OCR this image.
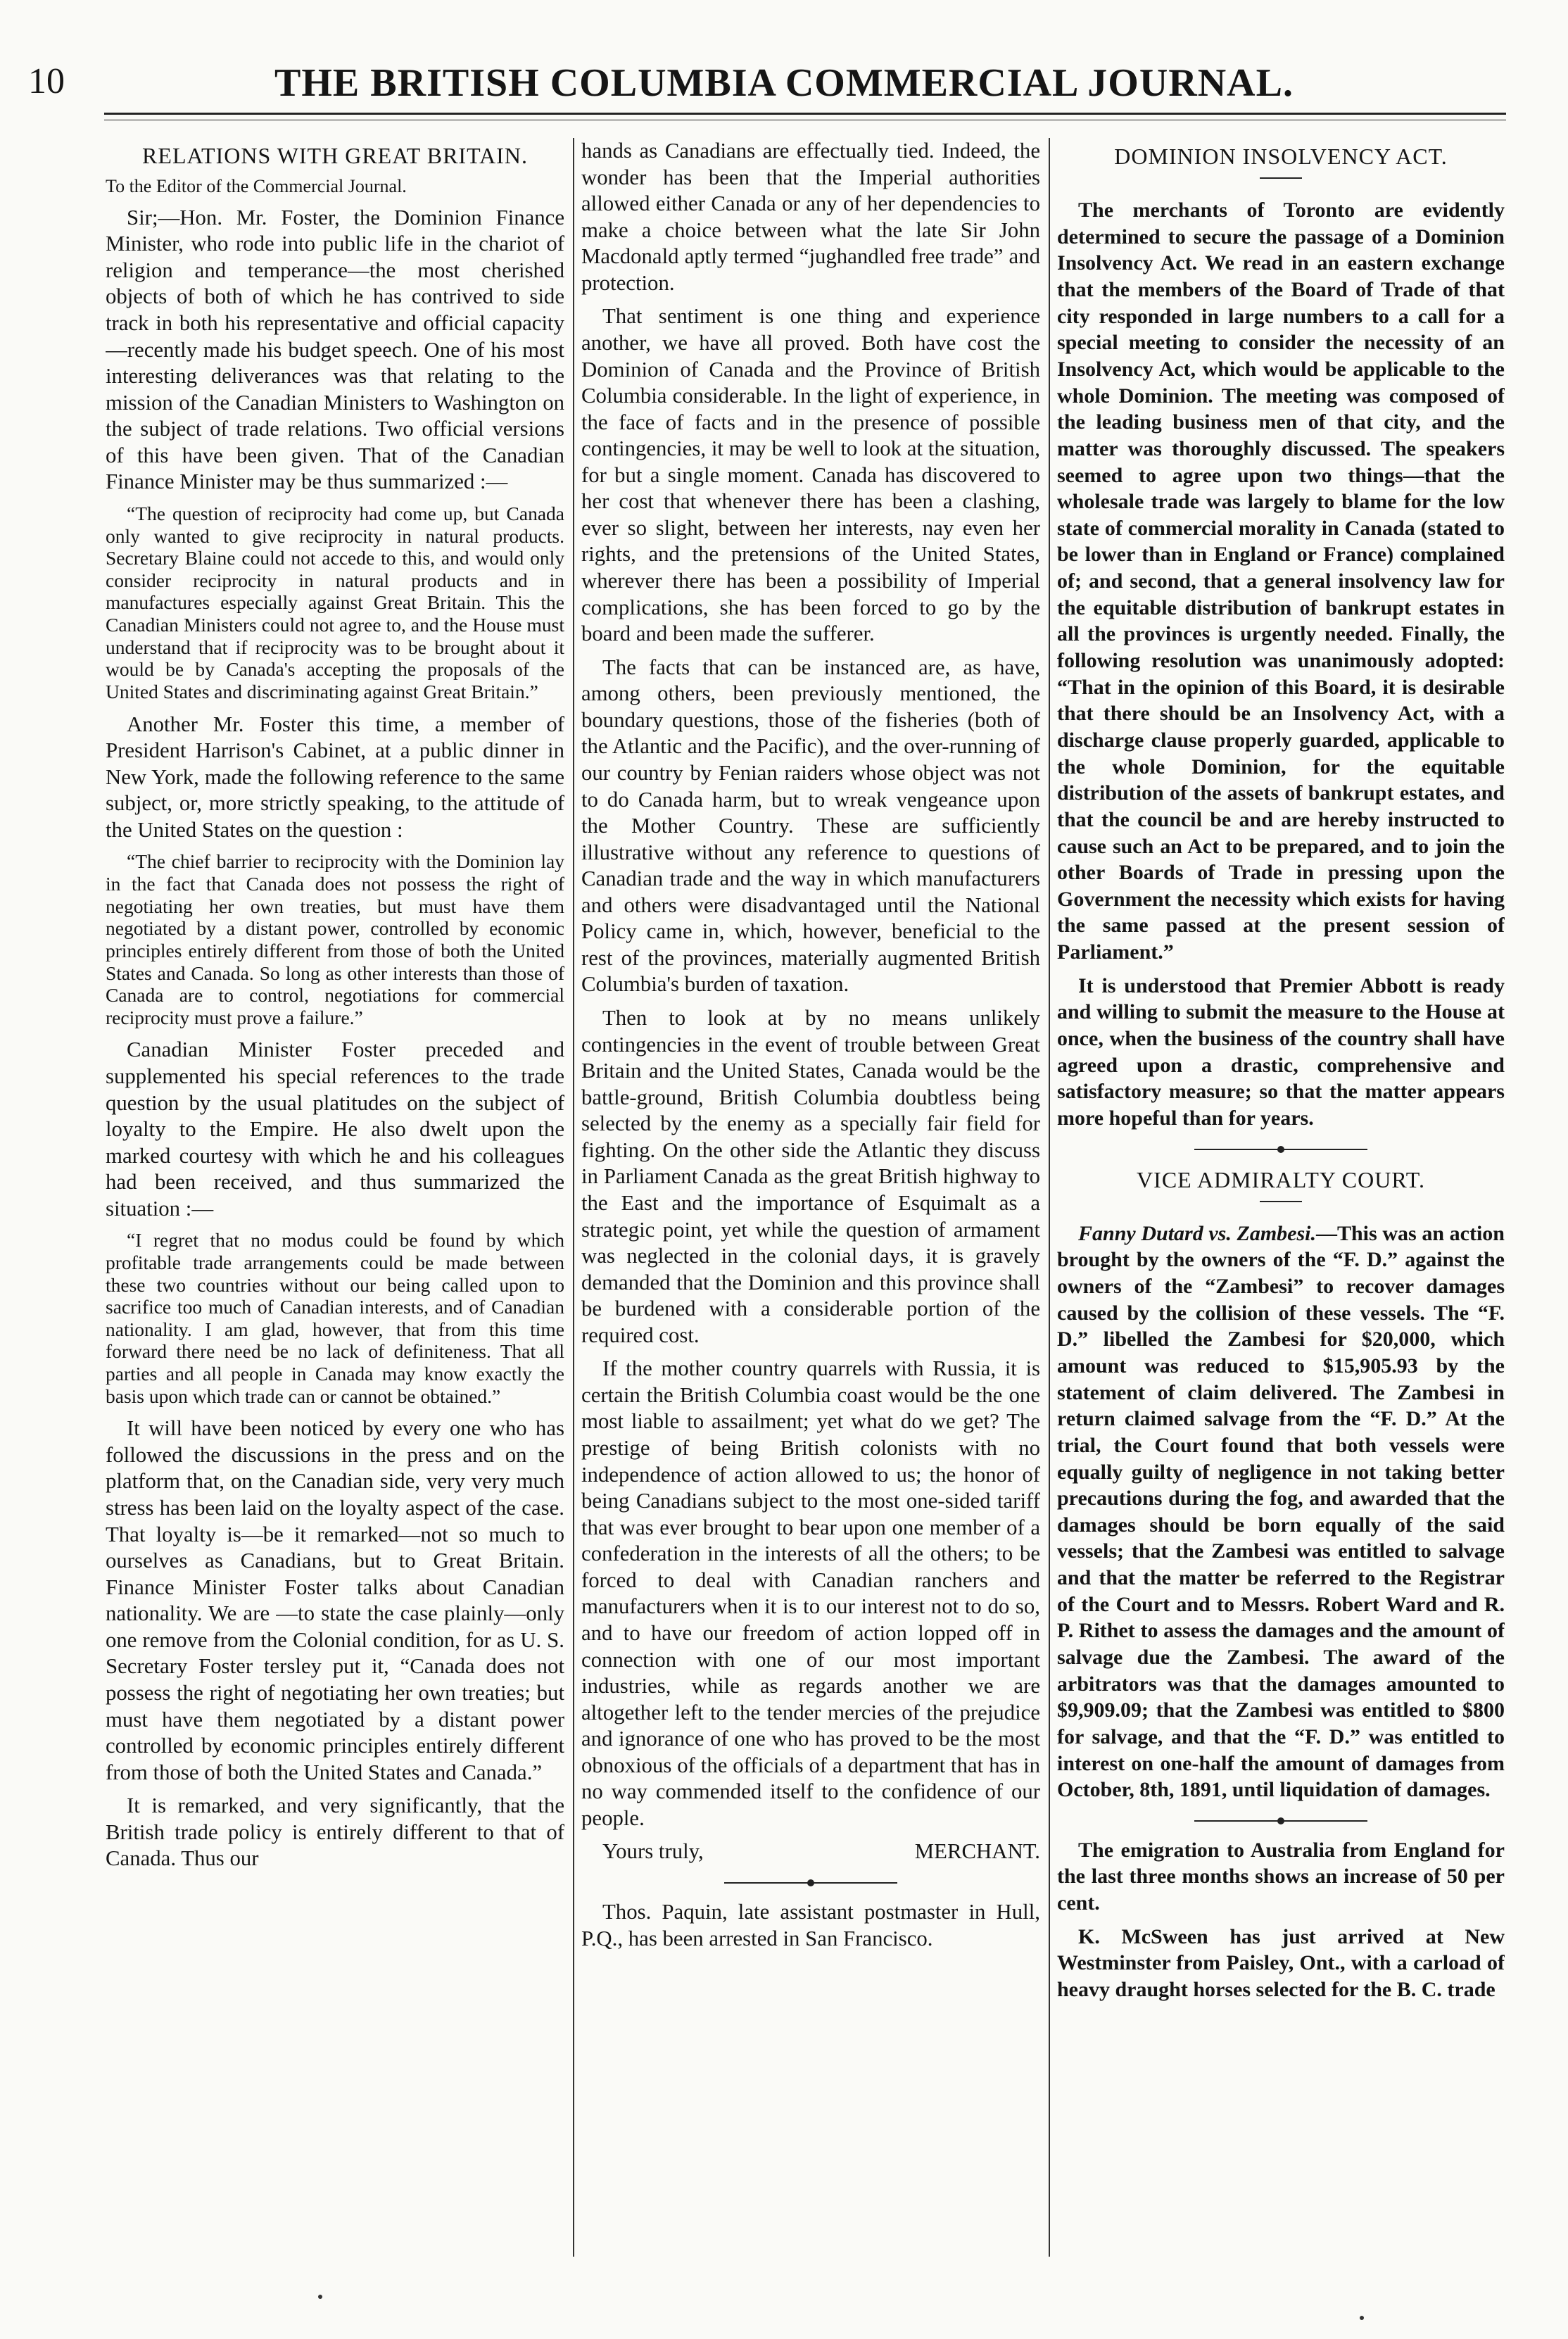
10	THE BRITISH COLUMBIA COMMERCIAL JOURNAL.
RELATIONS WITH GREAT BRITAIN.

To the Editor of the Commercial Journal.

Sir;—Hon. Mr. Foster, the Dominion Finance Minister, who rode into public life in the chariot of religion and temperance—the most cherished objects of both of which he has contrived to side track in both his representative and official capacity—recently made his budget speech. One of his most interesting deliverances was that relating to the mission of the Canadian Ministers to Washington on the subject of trade relations. Two official versions of this have been given. That of the Canadian Finance Minister may be thus summarized :—

“The question of reciprocity had come up, but Canada only wanted to give reciprocity in natural products. Secretary Blaine could not accede to this, and would only consider reciprocity in natural products and in manufactures especially against Great Britain. This the Canadian Ministers could not agree to, and the House must understand that if reciprocity was to be brought about it would be by Canada's accepting the proposals of the United States and discriminating against Great Britain.”

Another Mr. Foster this time, a member of President Harrison's Cabinet, at a public dinner in New York, made the following reference to the same subject, or, more strictly speaking, to the attitude of the United States on the question :

“The chief barrier to reciprocity with the Dominion lay in the fact that Canada does not possess the right of negotiating her own treaties, but must have them negotiated by a distant power, controlled by economic principles entirely different from those of both the United States and Canada. So long as other interests than those of Canada are to control, negotiations for commercial reciprocity must prove a failure.”

Canadian Minister Foster preceded and supplemented his special references to the trade question by the usual platitudes on the subject of loyalty to the Empire. He also dwelt upon the marked courtesy with which he and his colleagues had been received, and thus summarized the situation :—

“I regret that no modus could be found by which profitable trade arrangements could be made between these two countries without our being called upon to sacrifice too much of Canadian interests, and of Canadian nationality. I am glad, however, that from this time forward there need be no lack of definiteness. That all parties and all people in Canada may know exactly the basis upon which trade can or cannot be obtained.”

It will have been noticed by every one who has followed the discussions in the press and on the platform that, on the Canadian side, very very much stress has been laid on the loyalty aspect of the case. That loyalty is—be it remarked—not so much to ourselves as Canadians, but to Great Britain. Finance Minister Foster talks about Canadian nationality. We are —to state the case plainly—only one remove from the Colonial condition, for as U. S. Secretary Foster tersley put it, “Canada does not possess the right of negotiating her own treaties; but must have them negotiated by a distant power controlled by economic principles entirely different from those of both the United States and Canada.”

It is remarked, and very significantly, that the British trade policy is entirely different to that of Canada. Thus our

hands as Canadians are effectually tied. Indeed, the wonder has been that the Imperial authorities allowed either Canada or any of her dependencies to make a choice between what the late Sir John Macdonald aptly termed “jughandled free trade” and protection.

That sentiment is one thing and experience another, we have all proved. Both have cost the Dominion of Canada and the Province of British Columbia considerable. In the light of experience, in the face of facts and in the presence of possible contingencies, it may be well to look at the situation, for but a single moment. Canada has discovered to her cost that whenever there has been a clashing, ever so slight, between her interests, nay even her rights, and the pretensions of the United States, wherever there has been a possibility of Imperial complications, she has been forced to go by the board and been made the sufferer.

The facts that can be instanced are, as have, among others, been previously mentioned, the boundary questions, those of the fisheries (both of the Atlantic and the Pacific), and the over-running of our country by Fenian raiders whose object was not to do Canada harm, but to wreak vengeance upon the Mother Country. These are sufficiently illustrative without any reference to questions of Canadian trade and the way in which manufacturers and others were disadvantaged until the National Policy came in, which, however, beneficial to the rest of the provinces, materially augmented British Columbia's burden of taxation.

Then to look at by no means unlikely contingencies in the event of trouble between Great Britain and the United States, Canada would be the battle-ground, British Columbia doubtless being selected by the enemy as a specially fair field for fighting. On the other side the Atlantic they discuss in Parliament Canada as the great British highway to the East and the importance of Esquimalt as a strategic point, yet while the question of armament was neglected in the colonial days, it is gravely demanded that the Dominion and this province shall be burdened with a considerable portion of the required cost.

If the mother country quarrels with Russia, it is certain the British Columbia coast would be the one most liable to assailment; yet what do we get? The prestige of being British colonists with no independence of action allowed to us; the honor of being Canadians subject to the most one-sided tariff that was ever brought to bear upon one member of a confederation in the interests of all the others; to be forced to deal with Canadian ranchers and manufacturers when it is to our interest not to do so, and to have our freedom of action lopped off in connection with one of our most important industries, while as regards another we are altogether left to the tender mercies of the prejudice and ignorance of one who has proved to be the most obnoxious of the officials of a department that has in no way commended itself to the confidence of our people.

Yours truly,	MERCHANT.

Thos. Paquin, late assistant postmaster in Hull, P.Q., has been arrested in San Francisco.

DOMINION INSOLVENCY ACT.

The merchants of Toronto are evidently determined to secure the passage of a Dominion Insolvency Act. We read in an eastern exchange that the members of the Board of Trade of that city responded in large numbers to a call for a special meeting to consider the necessity of an Insolvency Act, which would be applicable to the whole Dominion. The meeting was composed of the leading business men of that city, and the matter was thoroughly discussed. The speakers seemed to agree upon two things—that the wholesale trade was largely to blame for the low state of commercial morality in Canada (stated to be lower than in England or France) complained of; and second, that a general insolvency law for the equitable distribution of bankrupt estates in all the provinces is urgently needed. Finally, the following resolution was unanimously adopted: “That in the opinion of this Board, it is desirable that there should be an Insolvency Act, with a discharge clause properly guarded, applicable to the whole Dominion, for the equitable distribution of the assets of bankrupt estates, and that the council be and are hereby instructed to cause such an Act to be prepared, and to join the other Boards of Trade in pressing upon the Government the necessity which exists for having the same passed at the present session of Parliament.”

It is understood that Premier Abbott is ready and willing to submit the measure to the House at once, when the business of the country shall have agreed upon a drastic, comprehensive and satisfactory measure; so that the matter appears more hopeful than for years.

VICE ADMIRALTY COURT.

Fanny Dutard vs. Zambesi.—This was an action brought by the owners of the “F. D.” against the owners of the “Zambesi” to recover damages caused by the collision of these vessels. The “F. D.” libelled the Zambesi for $20,000, which amount was reduced to $15,905.93 by the statement of claim delivered. The Zambesi in return claimed salvage from the “F. D.” At the trial, the Court found that both vessels were equally guilty of negligence in not taking better precautions during the fog, and awarded that the damages should be born equally of the said vessels; that the Zambesi was entitled to salvage and that the matter be referred to the Registrar of the Court and to Messrs. Robert Ward and R. P. Rithet to assess the damages and the amount of salvage due the Zambesi. The award of the arbitrators was that the damages amounted to $9,909.09; that the Zambesi was entitled to $800 for salvage, and that the “F. D.” was entitled to interest on one-half the amount of damages from October, 8th, 1891, until liquidation of damages.

The emigration to Australia from England for the last three months shows an increase of 50 per cent.

K. McSween has just arrived at New Westminster from Paisley, Ont., with a carload of heavy draught horses selected for the B. C. trade
